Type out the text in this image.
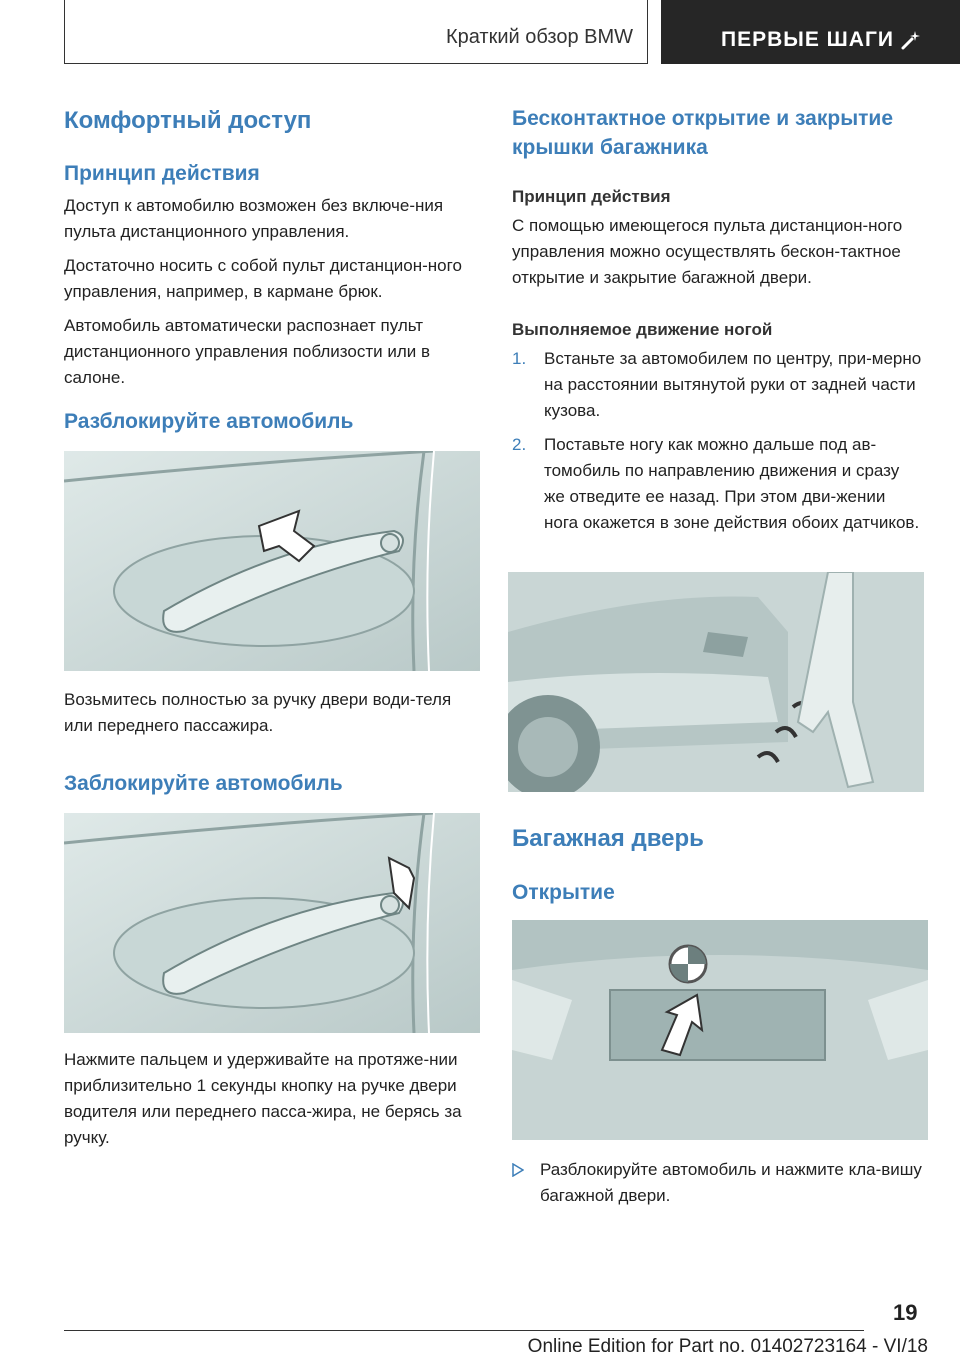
Краткий обзор BMW	ПЕРВЫЕ ШАГИ
Комфортный доступ
Принцип действия

Доступ к автомобилю возможен без включе-ния пульта дистанционного управления.

Достаточно носить с собой пульт дистанцион-ного управления, например, в кармане брюк.

Автомобиль автоматически распознает пульт дистанционного управления поблизости или в салоне.

Разблокируйте автомобиль

Возьмитесь полностью за ручку двери води-теля или переднего пассажира.

Заблокируйте автомобиль

Нажмите пальцем и удерживайте на протяже-нии приблизительно 1 секунды кнопку на ручке двери водителя или переднего пасса-жира, не берясь за ручку.

Бесконтактное открытие и закрытие крышки багажника
Принцип действия

С помощью имеющегося пульта дистанцион-ного управления можно осуществлять бескон-тактное открытие и закрытие багажной двери.

Выполняемое движение ногой
1. Встаньте за автомобилем по центру, при-мерно на расстоянии вытянутой руки от задней части кузова.
2. Поставьте ногу как можно дальше под ав-томобиль по направлению движения и сразу же отведите ее назад. При этом дви-жении нога окажется в зоне действия обоих датчиков.
Багажная дверь
Открытие

Разблокируйте автомобиль и нажмите кла-вишу багажной двери.

19
Online Edition for Part no. 01402723164 - VI/18
